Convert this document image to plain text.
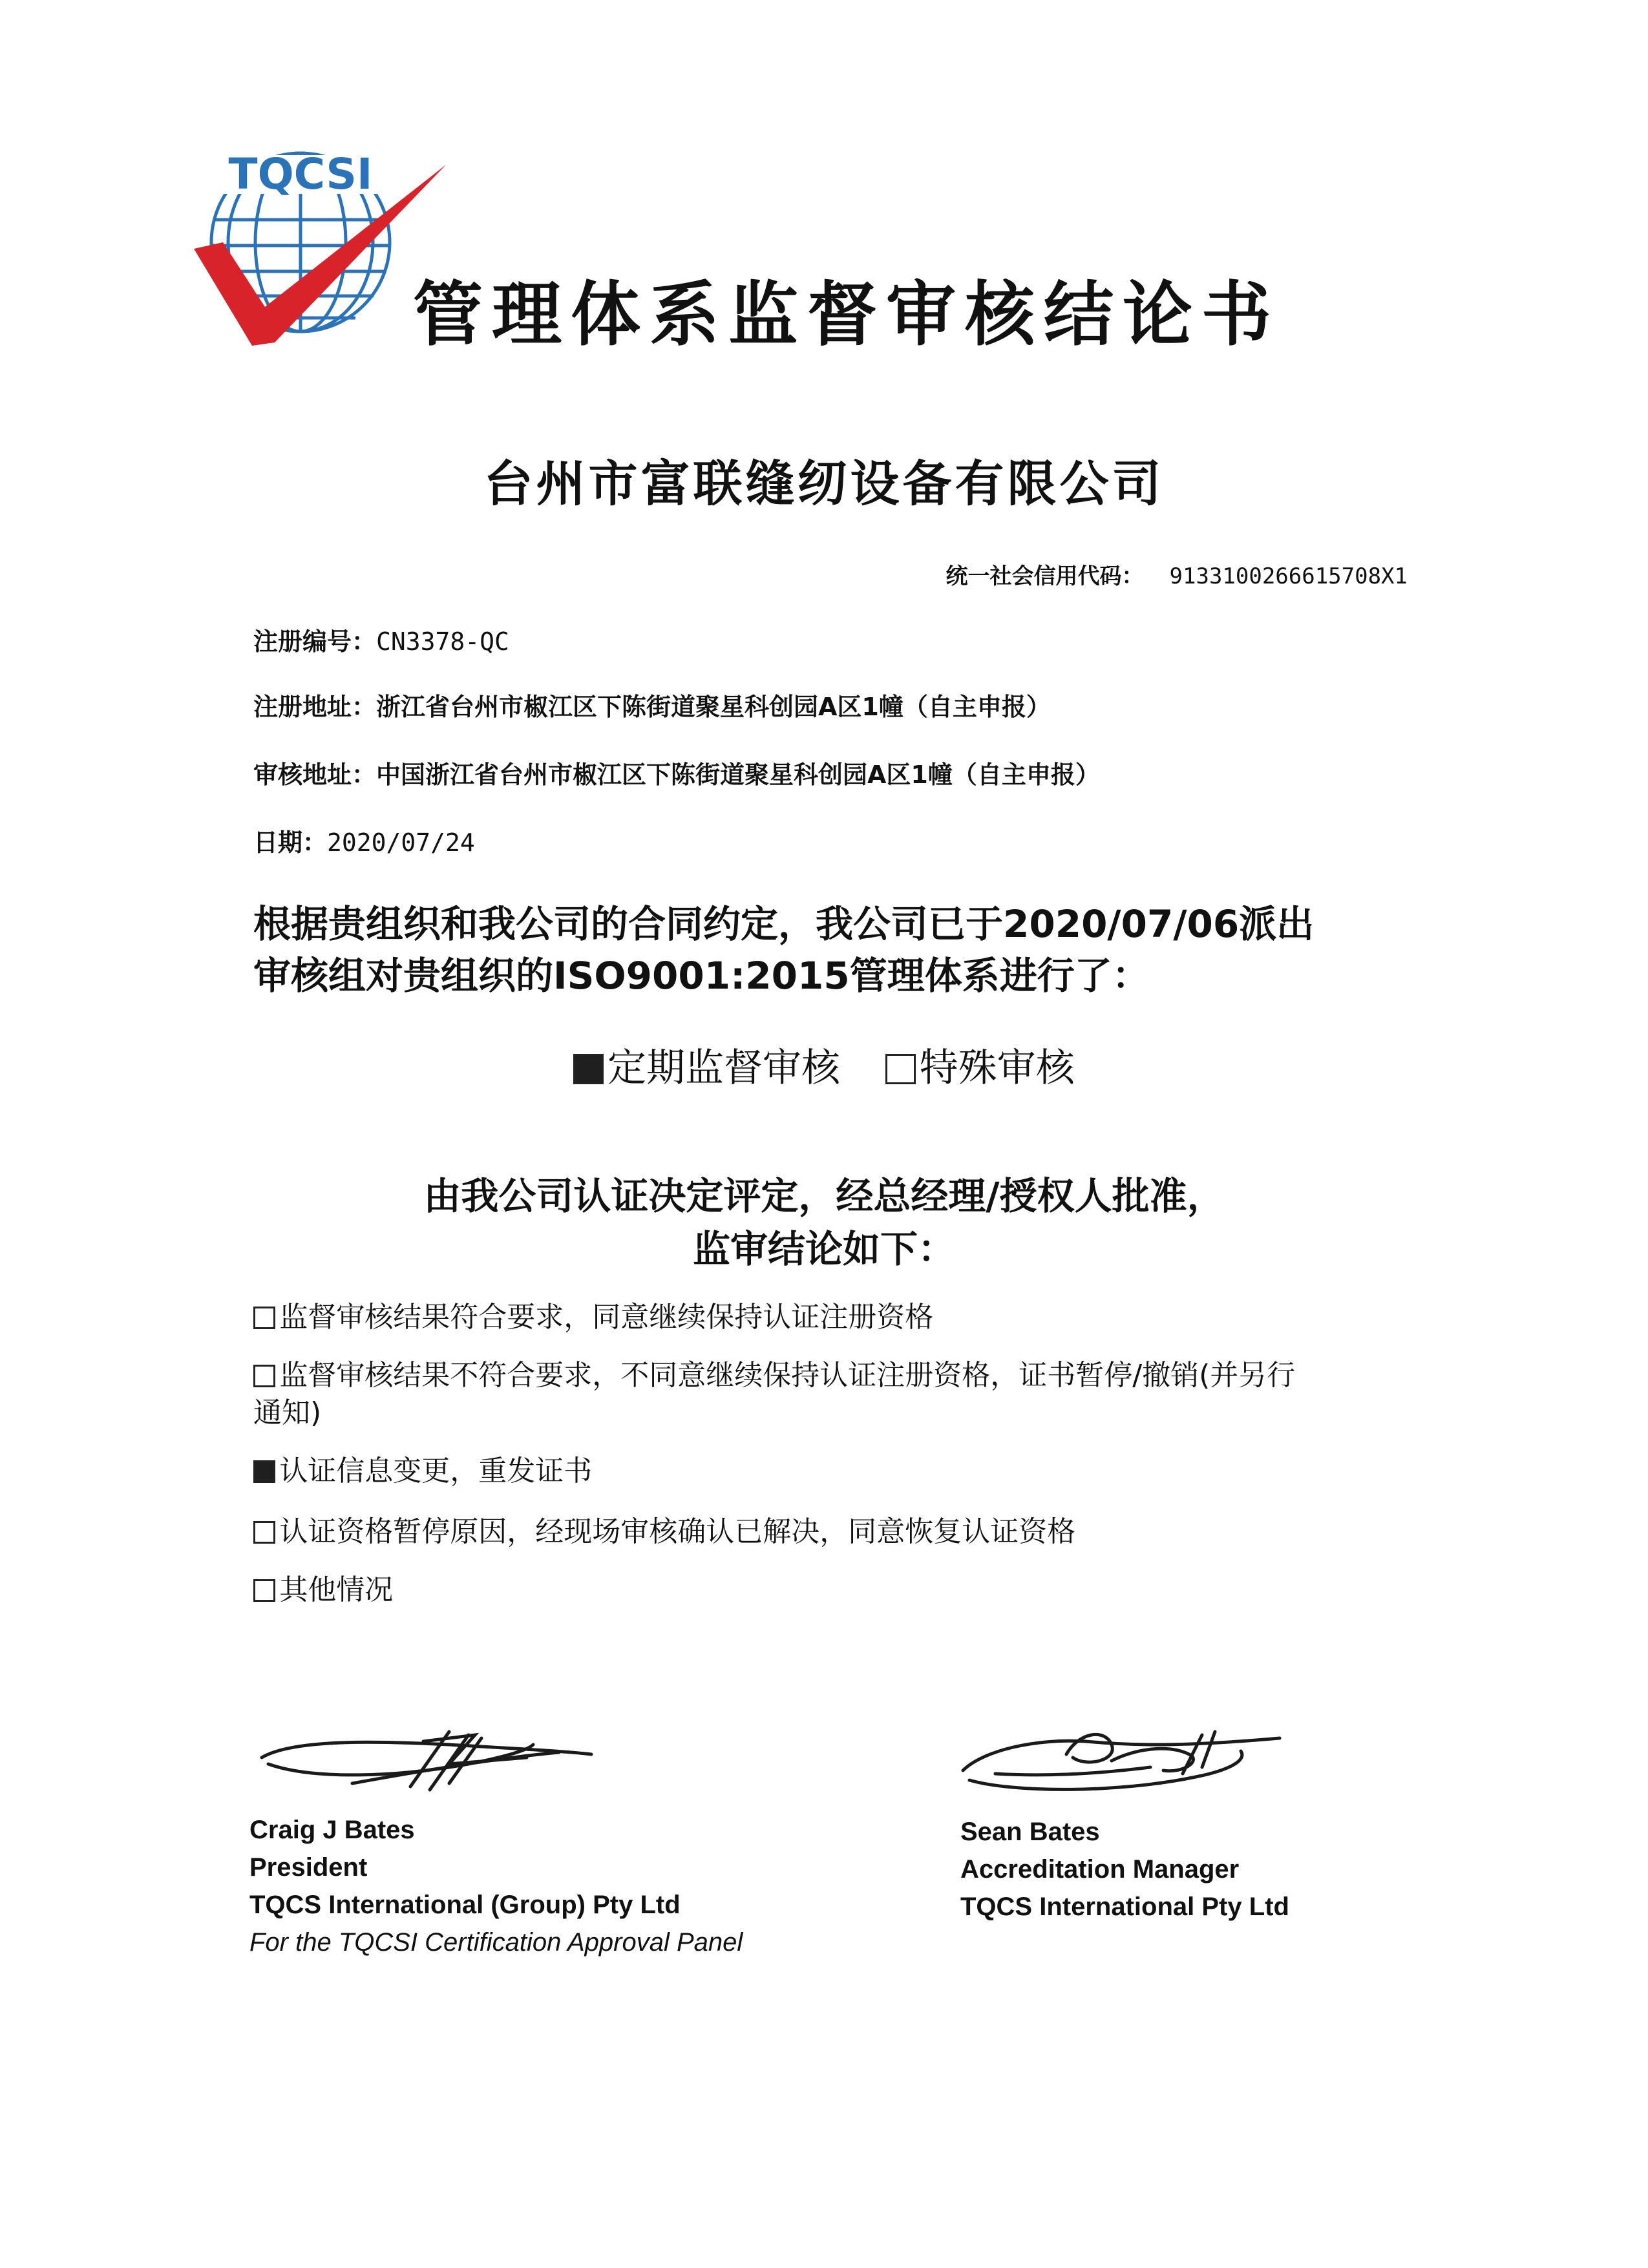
TQCSI
管理体系监督审核结论书
台州市富联缝纫设备有限公司
统一社会信用代码： 9133100266615708X1
注册编号：CN3378-QC
注册地址：浙江省台州市椒江区下陈街道聚星科创园A区1幢（自主申报）
审核地址：中国浙江省台州市椒江区下陈街道聚星科创园A区1幢（自主申报）
日期：2020/07/24
根据贵组织和我公司的合同约定，我公司已于2020/07/06派出
审核组对贵组织的ISO9001:2015管理体系进行了：
定期监督审核 特殊审核
由我公司认证决定评定，经总经理/授权人批准，
监审结论如下：
监督审核结果符合要求，同意继续保持认证注册资格
监督审核结果不符合要求，不同意继续保持认证注册资格，证书暂停/撤销(并另行
通知)
认证信息变更，重发证书
认证资格暂停原因，经现场审核确认已解决，同意恢复认证资格
其他情况
Craig J Bates
President
TQCS International (Group) Pty Ltd
For the TQCSI Certification Approval Panel
Sean Bates
Accreditation Manager
TQCS International Pty Ltd
